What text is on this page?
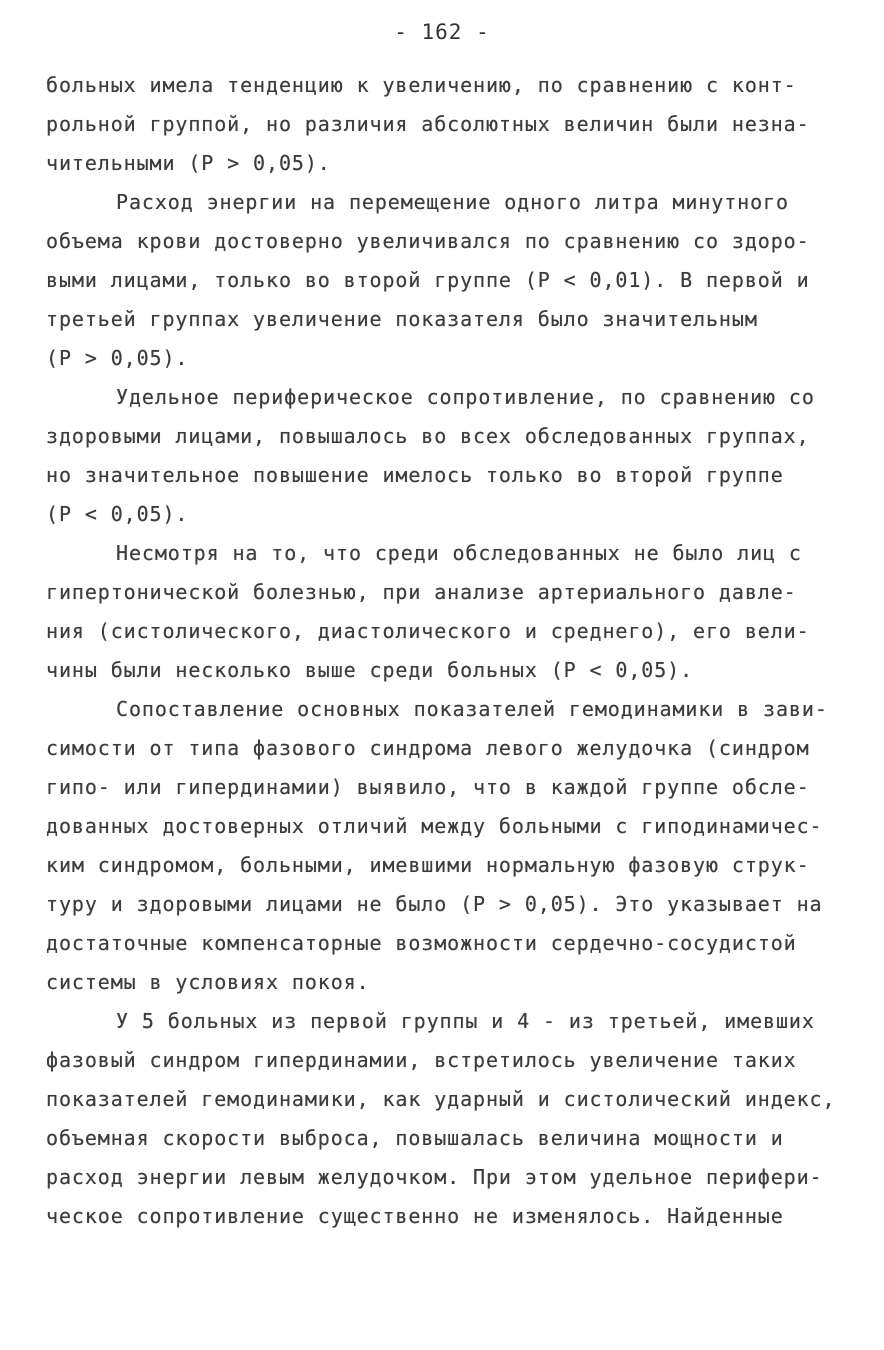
- 162 -
больных имела тенденцию к увеличению, по сравнению с конт-
рольной группой, но различия абсолютных величин были незна-
чительными (Р > 0,05).
Расход энергии на перемещение одного литра минутного
объема крови достоверно увеличивался по сравнению со здоро-
выми лицами, только во второй группе (Р < 0,01). В первой и
третьей группах увеличение показателя было значительным
(Р > 0,05).
Удельное периферическое сопротивление, по сравнению со
здоровыми лицами, повышалось во всех обследованных группах,
но значительное повышение имелось только во второй группе
(Р < 0,05).
Несмотря на то, что среди обследованных не было лиц с
гипертонической болезнью, при анализе артериального давле-
ния (систолического, диастолического и среднего), его вели-
чины были несколько выше среди больных (Р < 0,05).
Сопоставление основных показателей гемодинамики в зави-
симости от типа фазового синдрома левого желудочка (синдром
гипо- или гипердинамии) выявило, что в каждой группе обсле-
дованных достоверных отличий между больными с гиподинамичес-
ким синдромом, больными, имевшими нормальную фазовую струк-
туру и здоровыми лицами не было (Р > 0,05). Это указывает на
достаточные компенсаторные возможности сердечно-сосудистой
системы в условиях покоя.
У 5 больных из первой группы и 4 - из третьей, имевших
фазовый синдром гипердинамии, встретилось увеличение таких
показателей гемодинамики, как ударный и систолический индекс,
объемная скорости выброса, повышалась величина мощности и
расход энергии левым желудочком. При этом удельное перифери-
ческое сопротивление существенно не изменялось. Найденные
